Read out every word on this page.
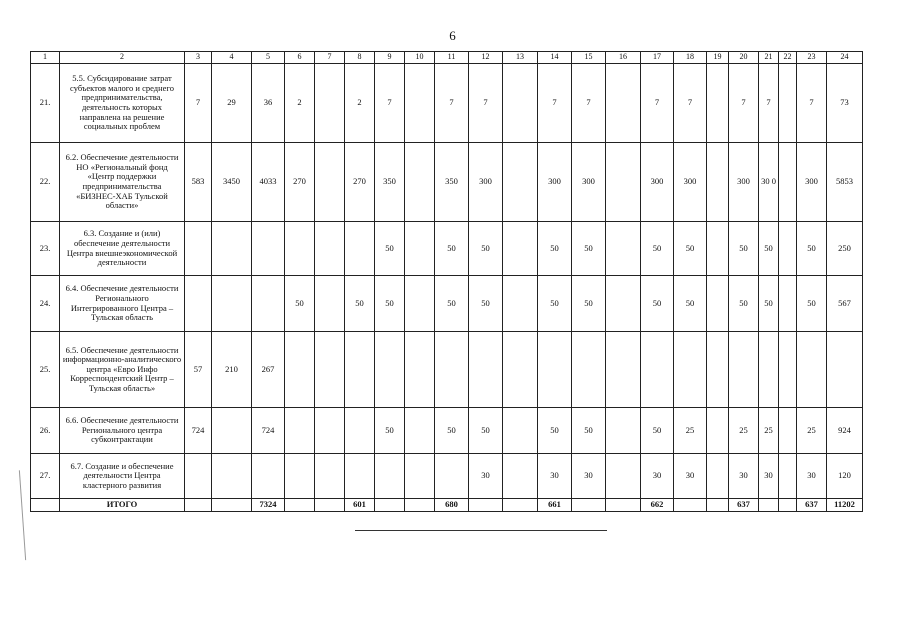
6
1	2	3	4	5	6	7	8	9	10	11	12	13	14	15	16	17	18	19	20	21	22	23	24
21.	5.5. Субсидирование затрат субъектов малого и среднего предпринимательства, деятельность которых направлена на решение социальных проблем	7	29	36	2		2	7		7	7		7	7		7	7		7	7		7	73
22.	6.2. Обеспечение деятельности НО «Региональный фонд «Центр поддержки предпринимательства «БИЗНЕС-ХАБ Тульской области»	583	3450	4033	270		270	350		350	300		300	300		300	300		300	30 0		300	5853
23.	6.3. Создание и (или) обеспечение деятельности Центра внешнеэкономической деятельности							50		50	50		50	50		50	50		50	50		50	250
24.	6.4. Обеспечение деятельности Регионального Интегрированного Центра – Тульская область				50		50	50		50	50		50	50		50	50		50	50		50	567
25.	6.5. Обеспечение деятельности информационно-аналитического центра «Евро Инфо Корреспондентский Центр – Тульская область»	57	210	267																			
26.	6.6. Обеспечение деятельности Регионального центра субконтрактации	724		724				50		50	50		50	50		50	25		25	25		25	924
27.	6.7. Создание и обеспечение деятельности Центра кластерного развития										30		30	30		30	30		30	30		30	120
	ИТОГО			7324			601			680			661			662			637			637	11202
